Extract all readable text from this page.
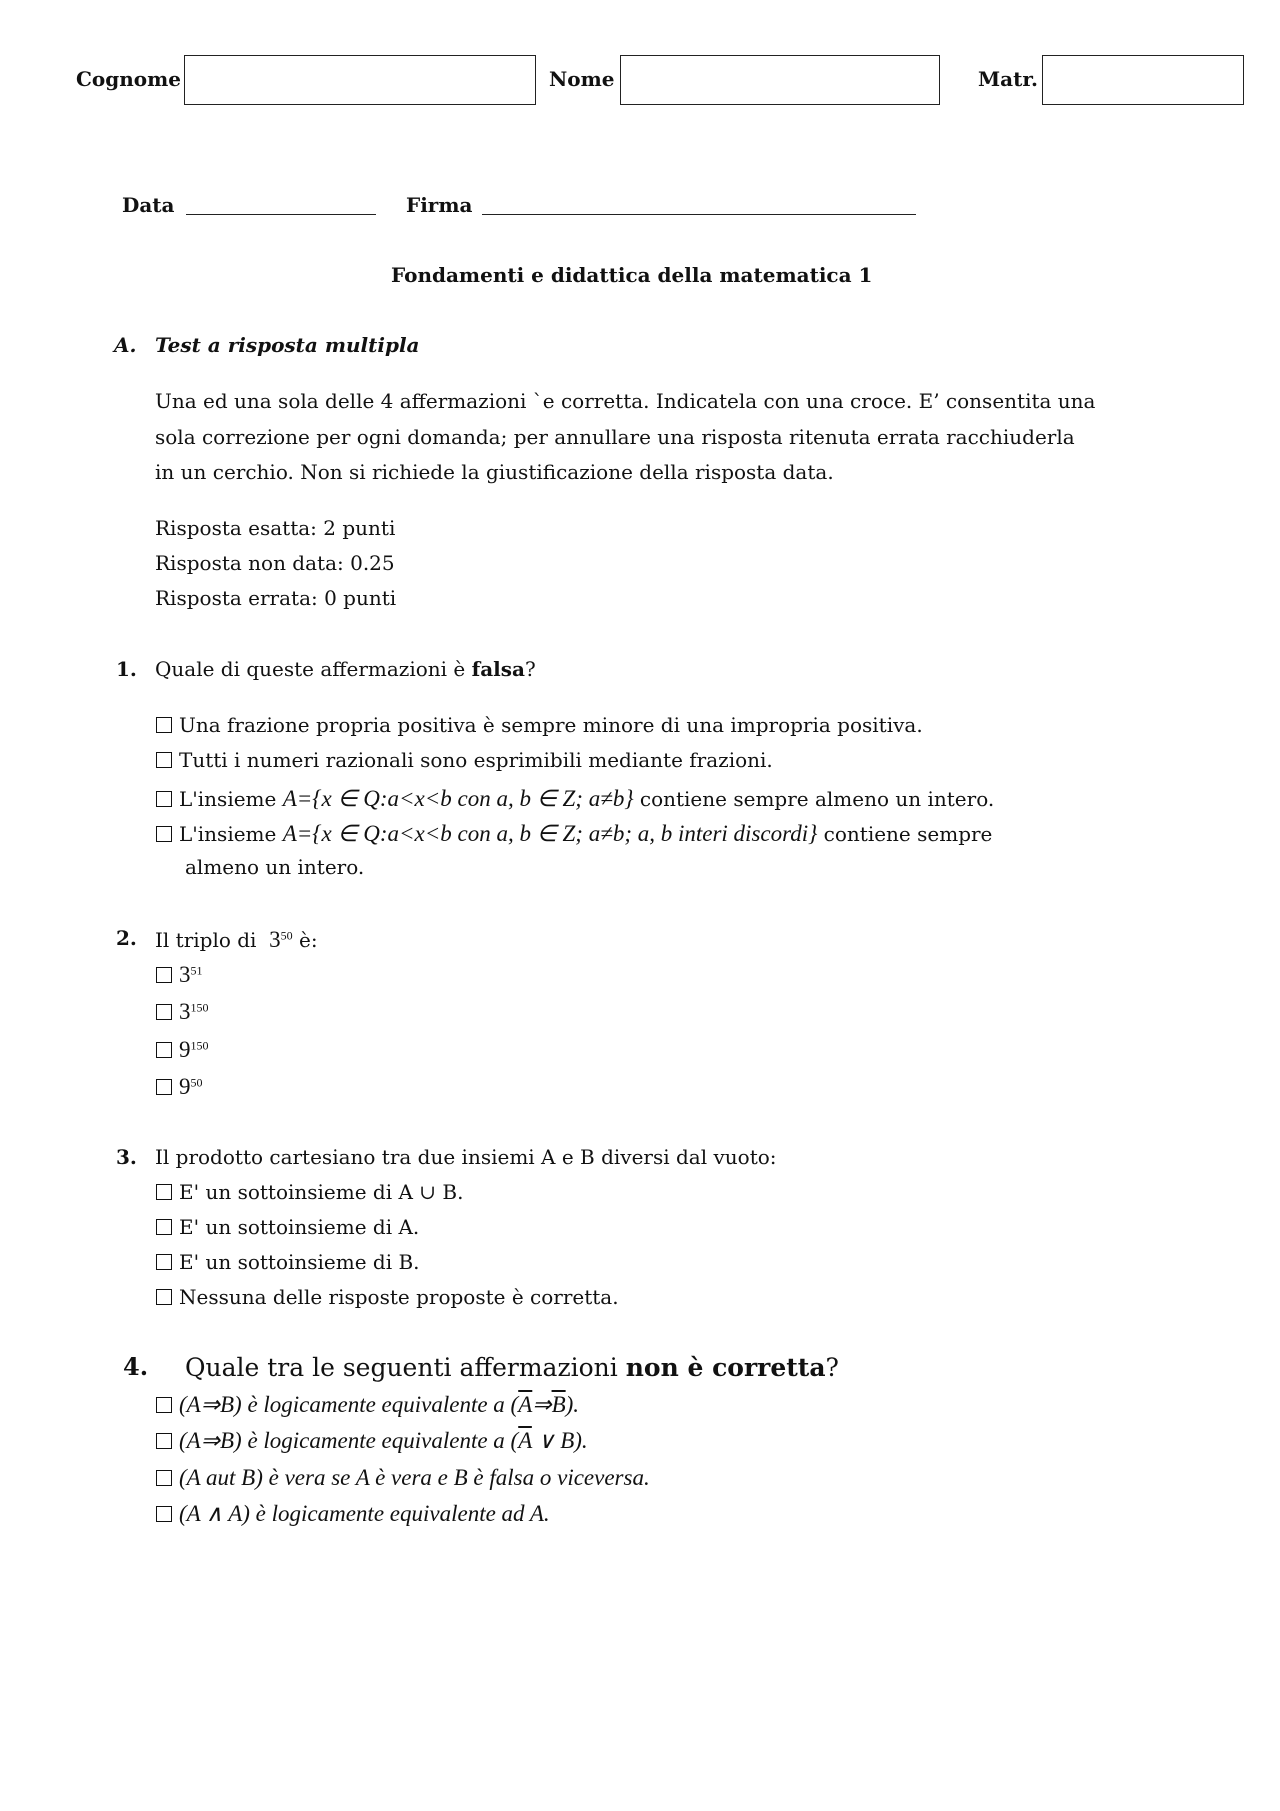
Cognome	Nome	Matr.
Data	Firma
Fondamenti e didattica della matematica 1
A. Test a risposta multipla
Una ed una sola delle 4 affermazioni `e corretta. Indicatela con una croce. E’ consentita una
sola correzione per ogni domanda; per annullare una risposta ritenuta errata racchiuderla
in un cerchio. Non si richiede la giustificazione della risposta data.
Risposta esatta: 2 punti
Risposta non data: 0.25
Risposta errata: 0 punti
1. Quale di queste affermazioni è falsa?
Una frazione propria positiva è sempre minore di una impropria positiva.
Tutti i numeri razionali sono esprimibili mediante frazioni.
L'insieme A={x ∈ Q:a<x<b con a, b ∈ Z; a≠b} contiene sempre almeno un intero.
L'insieme A={x ∈ Q:a<x<b con a, b ∈ Z; a≠b; a, b interi discordi} contiene sempre
almeno un intero.
2. Il triplo di $3^{50}$ è:
$3^{51}$
$3^{150}$
$9^{150}$
$9^{50}$
3. Il prodotto cartesiano tra due insiemi A e B diversi dal vuoto:
E' un sottoinsieme di A ∪ B.
E' un sottoinsieme di A.
E' un sottoinsieme di B.
Nessuna delle risposte proposte è corretta.
4. Quale tra le seguenti affermazioni non è corretta?
(A⇒B) è logicamente equivalente a $(\overline{A}\Rightarrow\overline{B})$.
(A⇒B) è logicamente equivalente a ($\overline{A}$ ∨ B).
(A aut B) è vera se A è vera e B è falsa o viceversa.
(A ∧ A) è logicamente equivalente ad A.
